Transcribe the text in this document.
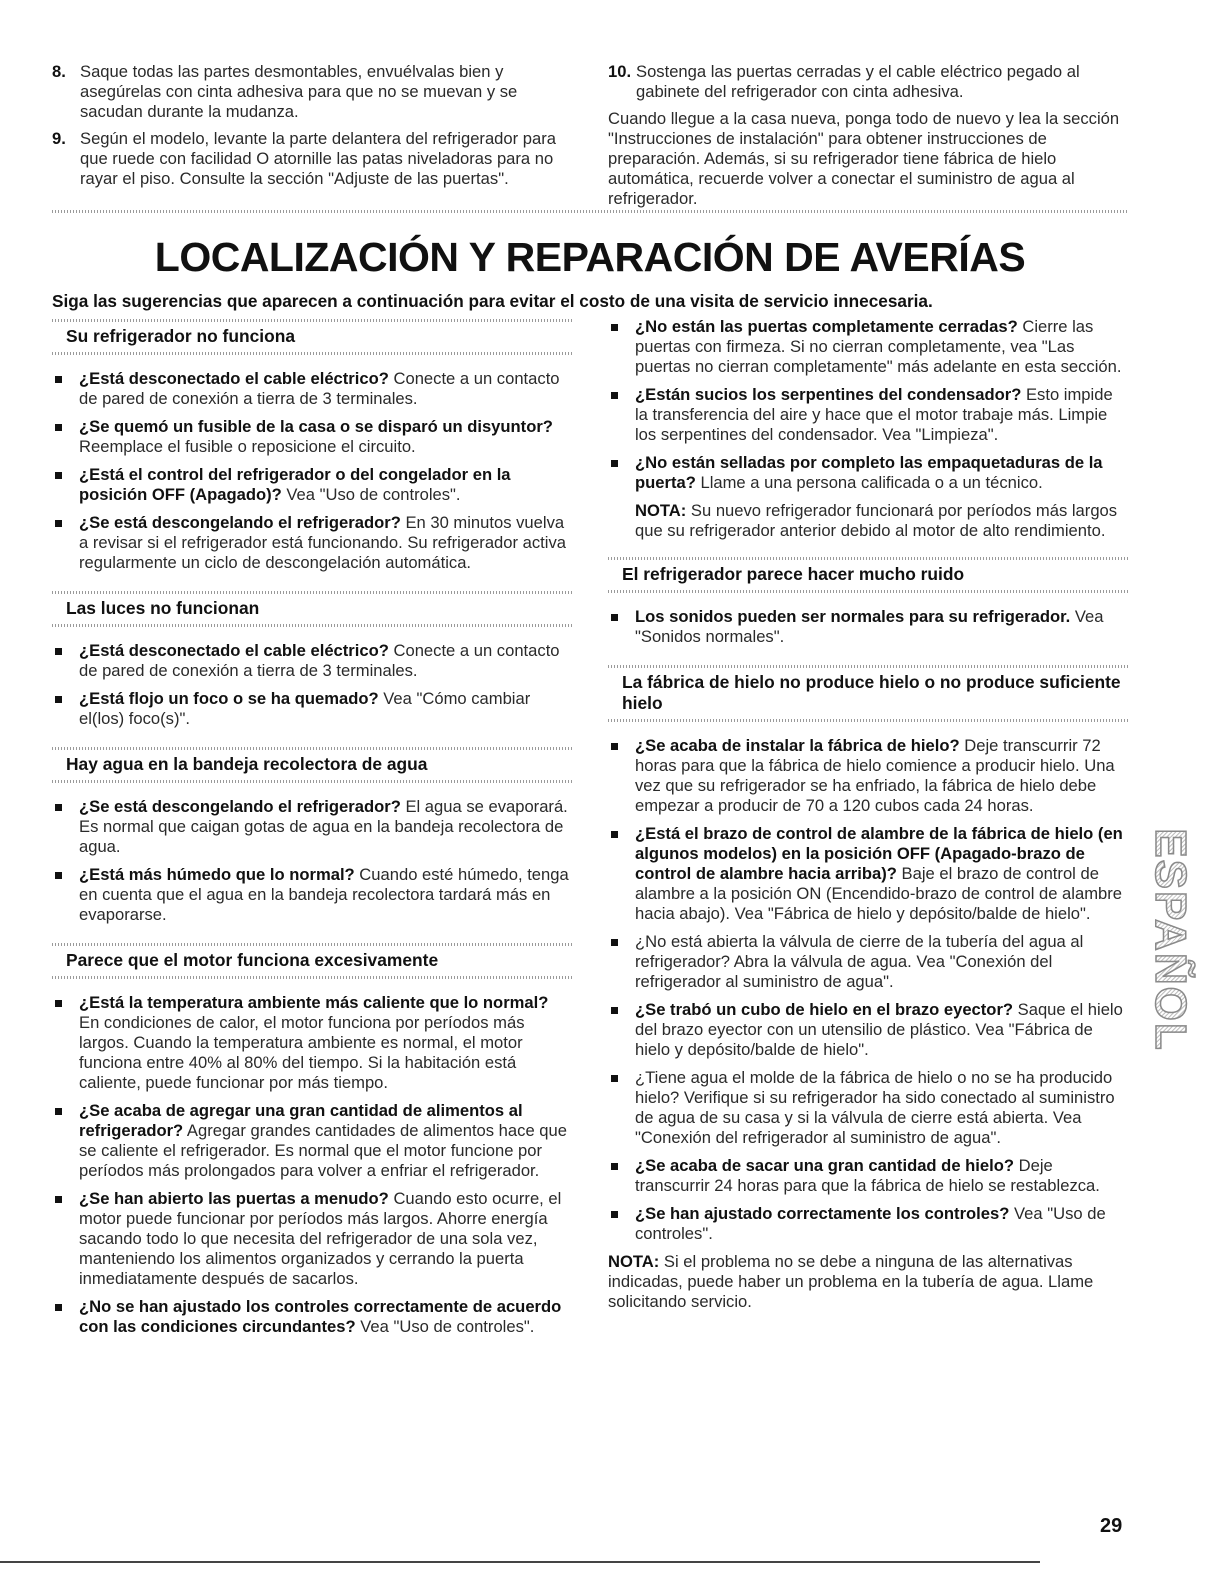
8. Saque todas las partes desmontables, envuélvalas bien y asegúrelas con cinta adhesiva para que no se muevan y se sacudan durante la mudanza.
9. Según el modelo, levante la parte delantera del refrigerador para que ruede con facilidad O atornille las patas niveladoras para no rayar el piso. Consulte la sección "Adjuste de las puertas".
10. Sostenga las puertas cerradas y el cable eléctrico pegado al gabinete del refrigerador con cinta adhesiva.
Cuando llegue a la casa nueva, ponga todo de nuevo y lea la sección "Instrucciones de instalación" para obtener instrucciones de preparación. Además, si su refrigerador tiene fábrica de hielo automática, recuerde volver a conectar el suministro de agua al refrigerador.
LOCALIZACIÓN Y REPARACIÓN DE AVERÍAS
Siga las sugerencias que aparecen a continuación para evitar el costo de una visita de servicio innecesaria.
Su refrigerador no funciona
¿Está desconectado el cable eléctrico? Conecte a un contacto de pared de conexión a tierra de 3 terminales.
¿Se quemó un fusible de la casa o se disparó un disyuntor? Reemplace el fusible o reposicione el circuito.
¿Está el control del refrigerador o del congelador en la posición OFF (Apagado)? Vea "Uso de controles".
¿Se está descongelando el refrigerador? En 30 minutos vuelva a revisar si el refrigerador está funcionando. Su refrigerador activa regularmente un ciclo de descongelación automática.
Las luces no funcionan
¿Está desconectado el cable eléctrico? Conecte a un contacto de pared de conexión a tierra de 3 terminales.
¿Está flojo un foco o se ha quemado? Vea "Cómo cambiar el(los) foco(s)".
Hay agua en la bandeja recolectora de agua
¿Se está descongelando el refrigerador? El agua se evaporará. Es normal que caigan gotas de agua en la bandeja recolectora de agua.
¿Está más húmedo que lo normal? Cuando esté húmedo, tenga en cuenta que el agua en la bandeja recolectora tardará más en evaporarse.
Parece que el motor funciona excesivamente
¿Está la temperatura ambiente más caliente que lo normal? En condiciones de calor, el motor funciona por períodos más largos. Cuando la temperatura ambiente es normal, el motor funciona entre 40% al 80% del tiempo. Si la habitación está caliente, puede funcionar por más tiempo.
¿Se acaba de agregar una gran cantidad de alimentos al refrigerador? Agregar grandes cantidades de alimentos hace que se caliente el refrigerador. Es normal que el motor funcione por períodos más prolongados para volver a enfriar el refrigerador.
¿Se han abierto las puertas a menudo? Cuando esto ocurre, el motor puede funcionar por períodos más largos. Ahorre energía sacando todo lo que necesita del refrigerador de una sola vez, manteniendo los alimentos organizados y cerrando la puerta inmediatamente después de sacarlos.
¿No se han ajustado los controles correctamente de acuerdo con las condiciones circundantes? Vea "Uso de controles".
¿No están las puertas completamente cerradas? Cierre las puertas con firmeza. Si no cierran completamente, vea "Las puertas no cierran completamente" más adelante en esta sección.
¿Están sucios los serpentines del condensador? Esto impide la transferencia del aire y hace que el motor trabaje más. Limpie los serpentines del condensador. Vea "Limpieza".
¿No están selladas por completo las empaquetaduras de la puerta? Llame a una persona calificada o a un técnico.
NOTA: Su nuevo refrigerador funcionará por períodos más largos que su refrigerador anterior debido al motor de alto rendimiento.
El refrigerador parece hacer mucho ruido
Los sonidos pueden ser normales para su refrigerador. Vea "Sonidos normales".
La fábrica de hielo no produce hielo o no produce suficiente hielo
¿Se acaba de instalar la fábrica de hielo? Deje transcurrir 72 horas para que la fábrica de hielo comience a producir hielo. Una vez que su refrigerador se ha enfriado, la fábrica de hielo debe empezar a producir de 70 a 120 cubos cada 24 horas.
¿Está el brazo de control de alambre de la fábrica de hielo (en algunos modelos) en la posición OFF (Apagado-brazo de control de alambre hacia arriba)? Baje el brazo de control de alambre a la posición ON (Encendido-brazo de control de alambre hacia abajo). Vea "Fábrica de hielo y depósito/balde de hielo".
¿No está abierta la válvula de cierre de la tubería del agua al refrigerador? Abra la válvula de agua. Vea "Conexión del refrigerador al suministro de agua".
¿Se trabó un cubo de hielo en el brazo eyector? Saque el hielo del brazo eyector con un utensilio de plástico. Vea "Fábrica de hielo y depósito/balde de hielo".
¿Tiene agua el molde de la fábrica de hielo o no se ha producido hielo? Verifique si su refrigerador ha sido conectado al suministro de agua de su casa y si la válvula de cierre está abierta. Vea "Conexión del refrigerador al suministro de agua".
¿Se acaba de sacar una gran cantidad de hielo? Deje transcurrir 24 horas para que la fábrica de hielo se restablezca.
¿Se han ajustado correctamente los controles? Vea "Uso de controles".
NOTA: Si el problema no se debe a ninguna de las alternativas indicadas, puede haber un problema en la tubería de agua. Llame solicitando servicio.
ESPAÑOL
29
